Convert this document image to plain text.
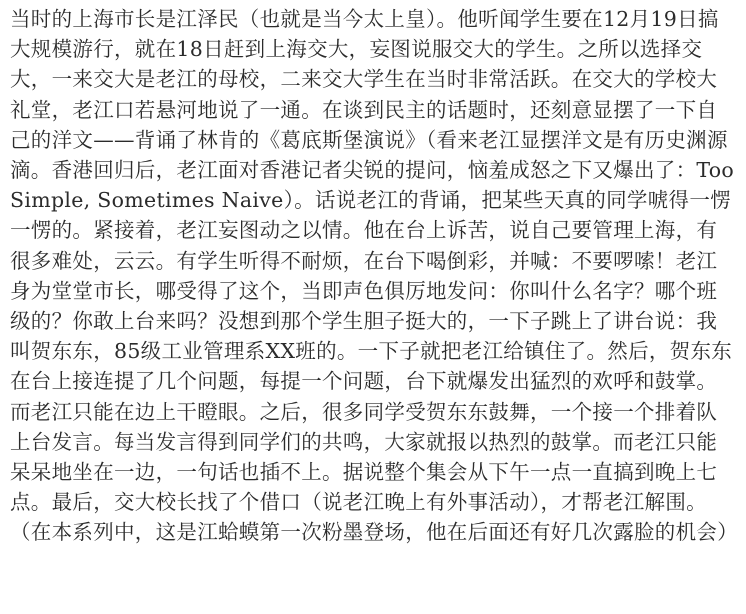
当时的上海市长是江泽民（也就是当今太上皇）。他听闻学生要在12月19日搞大规模游行，就在18日赶到上海交大，妄图说服交大的学生。之所以选择交大，一来交大是老江的母校，二来交大学生在当时非常活跃。在交大的学校大礼堂，老江口若悬河地说了一通。在谈到民主的话题时，还刻意显摆了一下自己的洋文——背诵了林肯的《葛底斯堡演说》（看来老江显摆洋文是有历史渊源滴。香港回归后，老江面对香港记者尖锐的提问，恼羞成怒之下又爆出了：Too Simple, Sometimes Naive）。话说老江的背诵，把某些天真的同学唬得一愣一愣的。紧接着，老江妄图动之以情。他在台上诉苦，说自己要管理上海，有很多难处，云云。有学生听得不耐烦，在台下喝倒彩，并喊：不要啰嗦！老江身为堂堂市长，哪受得了这个，当即声色俱厉地发问：你叫什么名字？哪个班级的？你敢上台来吗？没想到那个学生胆子挺大的，一下子跳上了讲台说：我叫贺东东，85级工业管理系XX班的。一下子就把老江给镇住了。然后，贺东东在台上接连提了几个问题，每提一个问题，台下就爆发出猛烈的欢呼和鼓掌。而老江只能在边上干瞪眼。之后，很多同学受贺东东鼓舞，一个接一个排着队上台发言。每当发言得到同学们的共鸣，大家就报以热烈的鼓掌。而老江只能呆呆地坐在一边，一句话也插不上。据说整个集会从下午一点一直搞到晚上七点。最后，交大校长找了个借口（说老江晚上有外事活动），才帮老江解围。（在本系列中，这是江蛤蟆第一次粉墨登场，他在后面还有好几次露脸的机会）
